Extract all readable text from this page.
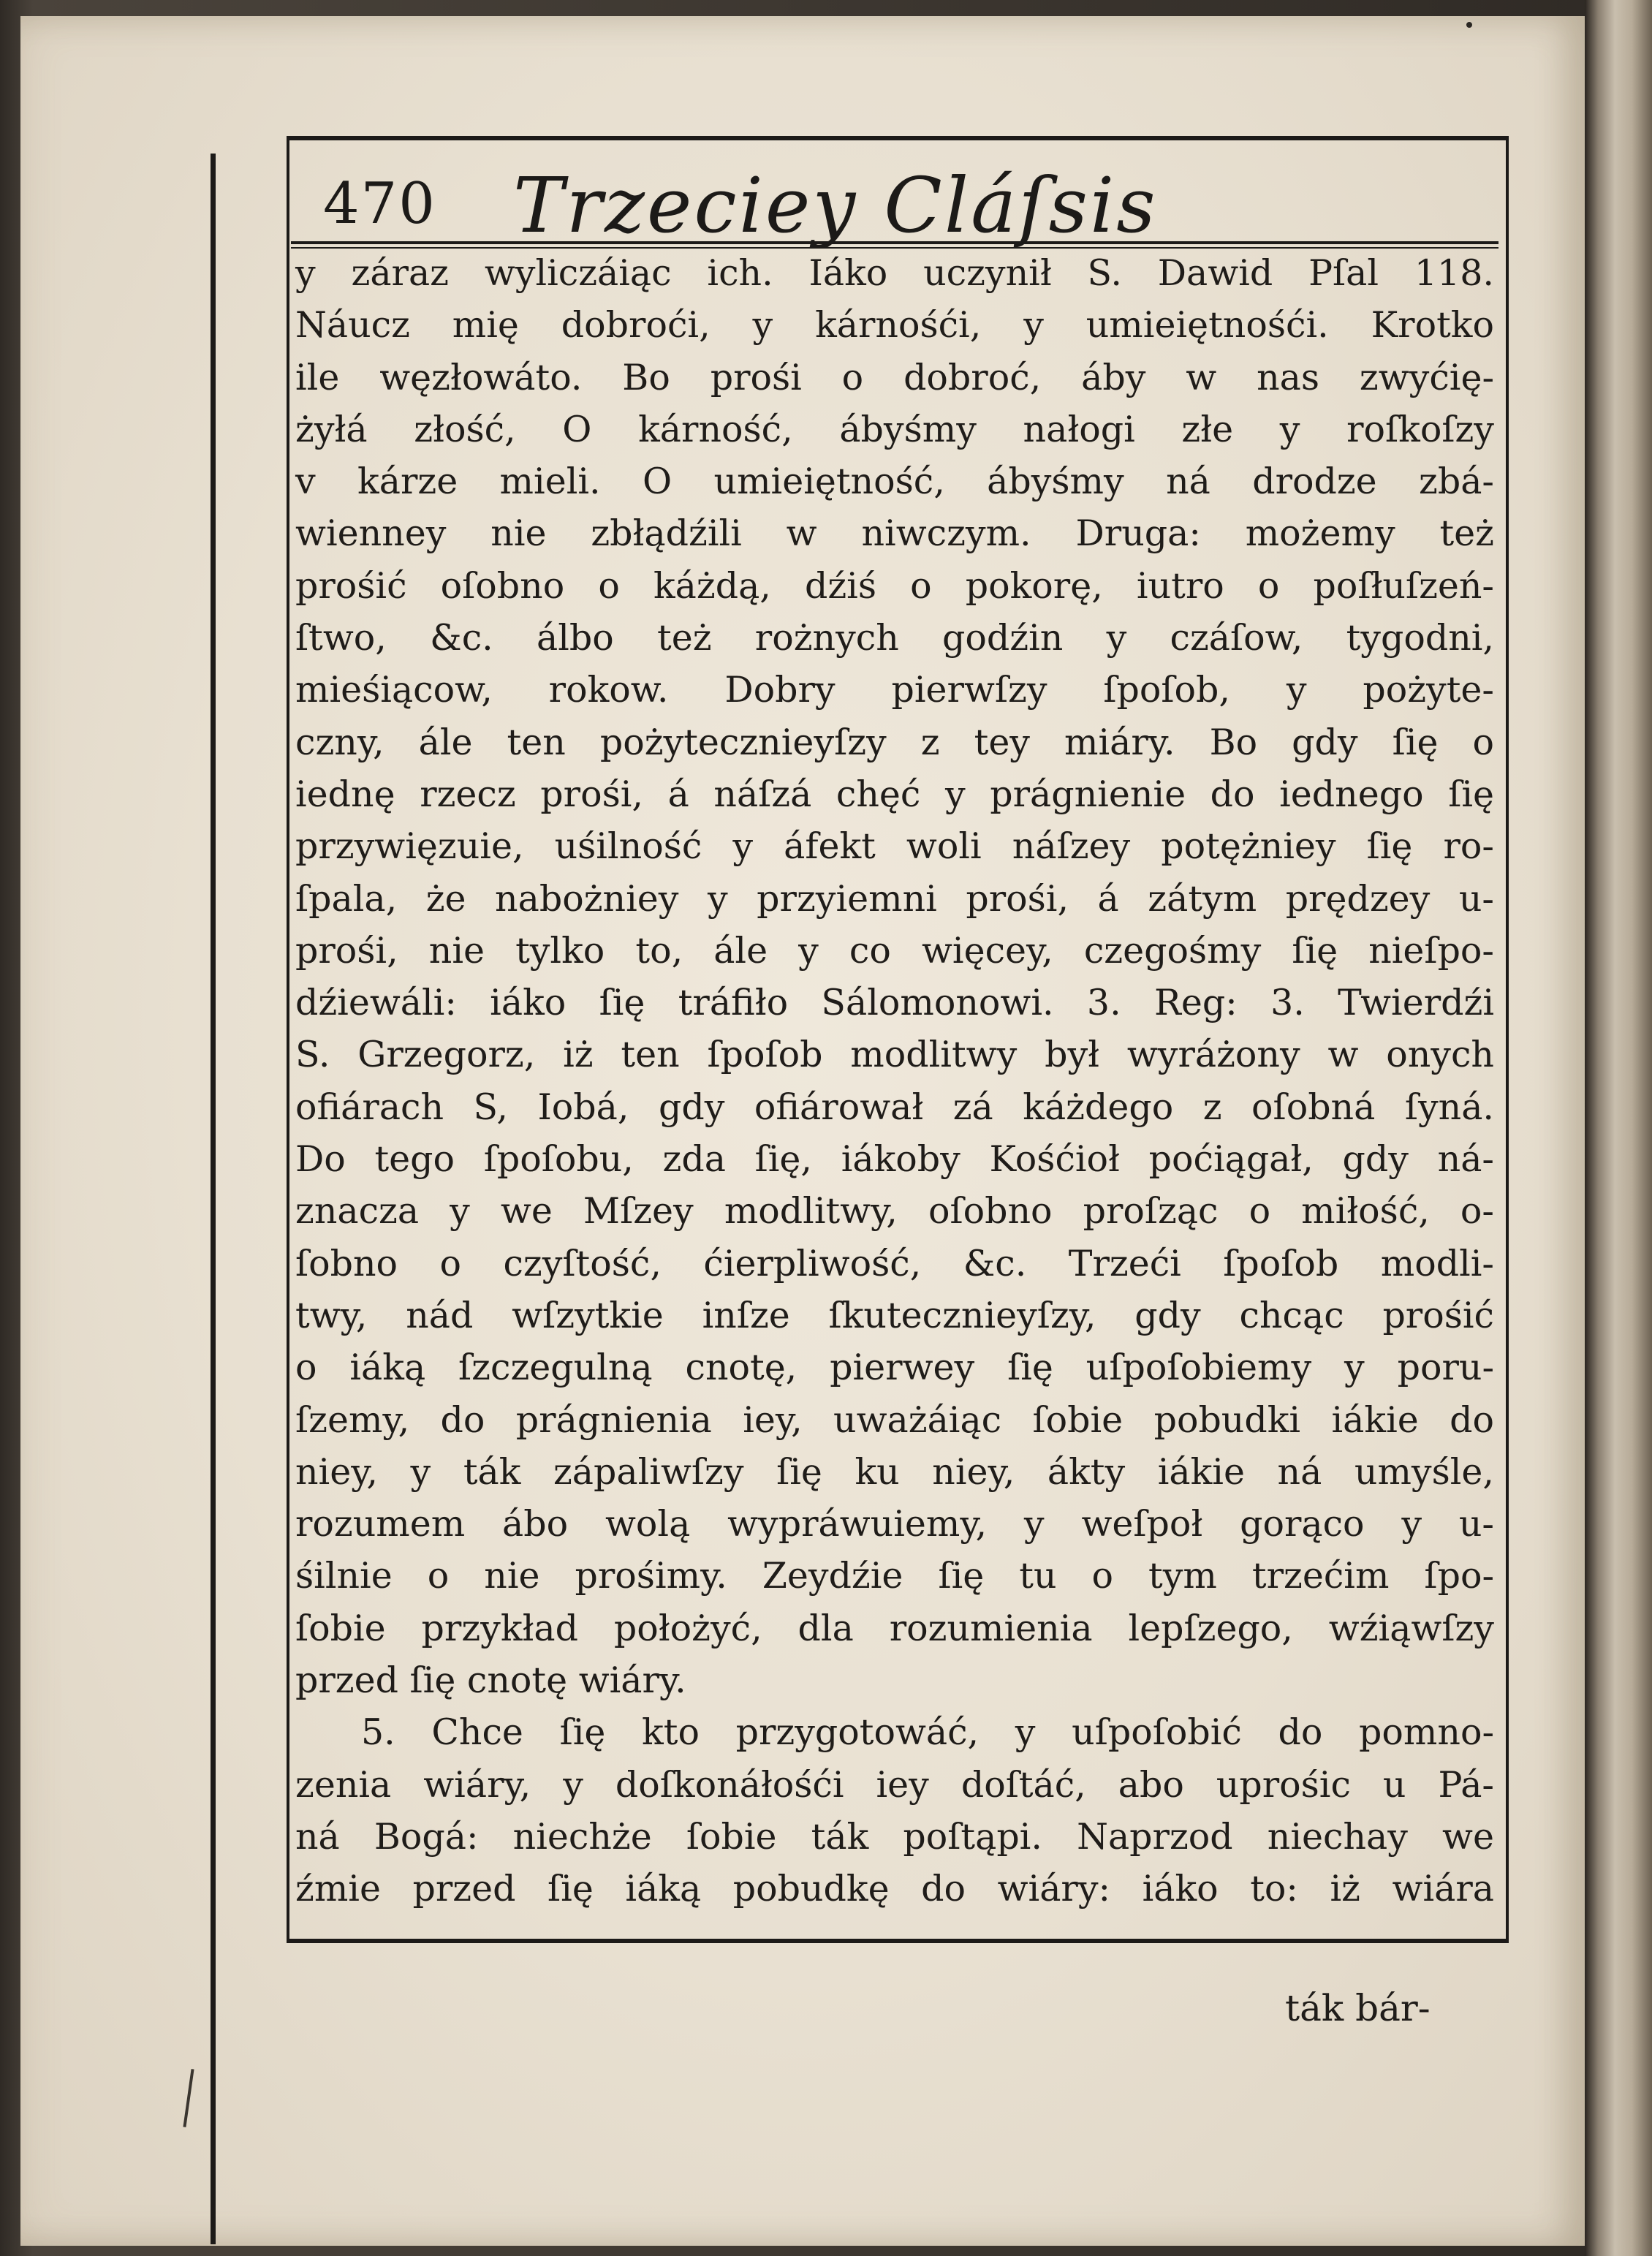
470 Trzeciey Cláſsis
y záraz wyliczáiąc ich. Iáko uczynił S. Dawid Pſal 118.
Náucz mię dobroći, y kárnośći, y umieiętnośći. Krotko
ile węzłowáto. Bo prośi o dobroć, áby w nas zwyćię-
żyłá złość, O kárność, ábyśmy nałogi złe y roſkoſzy
v kárze mieli. O umieiętność, ábyśmy ná drodze zbá-
wienney nie zbłądźili w niwczym. Druga: możemy też
prośić oſobno o káżdą, dźiś o pokorę, iutro o poſłuſzeń-
ſtwo, &c. álbo też rożnych godźin y czáſow, tygodni,
mieśiącow, rokow. Dobry pierwſzy ſpoſob, y pożyte-
czny, ále ten pożytecznieyſzy z tey miáry. Bo gdy ſię o
iednę rzecz prośi, á náſzá chęć y prágnienie do iednego ſię
przywięzuie, uśilność y áfekt woli náſzey potężniey ſię ro-
ſpala, że nabożniey y przyiemni prośi, á zátym prędzey u-
prośi, nie tylko to, ále y co więcey, czegośmy ſię nieſpo-
dźiewáli: iáko ſię tráfiło Sálomonowi. 3. Reg: 3. Twierdźi
S. Grzegorz, iż ten ſpoſob modlitwy był wyráżony w onych
ofiárach S, Iobá, gdy ofiárował zá káżdego z oſobná ſyná.
Do tego ſpoſobu, zda ſię, iákoby Kośćioł poćiągał, gdy ná-
znacza y we Mſzey modlitwy, oſobno proſząc o miłość, o-
ſobno o czyſtość, ćierpliwość, &c. Trzeći ſpoſob modli-
twy, nád wſzytkie inſze ſkutecznieyſzy, gdy chcąc prośić
o iáką ſzczegulną cnotę, pierwey ſię uſpoſobiemy y poru-
ſzemy, do prágnienia iey, uważáiąc ſobie pobudki iákie do
niey, y ták zápaliwſzy ſię ku niey, ákty iákie ná umyśle,
rozumem ábo wolą wypráwuiemy, y weſpoł gorąco y u-
śilnie o nie prośimy. Zeydźie ſię tu o tym trzećim ſpo-
ſobie przykład położyć, dla rozumienia lepſzego, wźiąwſzy
przed ſię cnotę wiáry.
5. Chce ſię kto przygotowáć, y uſpoſobić do pomno-
zenia wiáry, y doſkonáłośći iey doſtáć, abo uprośic u Pá-
ná Bogá: niechże ſobie ták poſtąpi. Naprzod niechay we
źmie przed ſię iáką pobudkę do wiáry: iáko to: iż wiára
ták bár-
